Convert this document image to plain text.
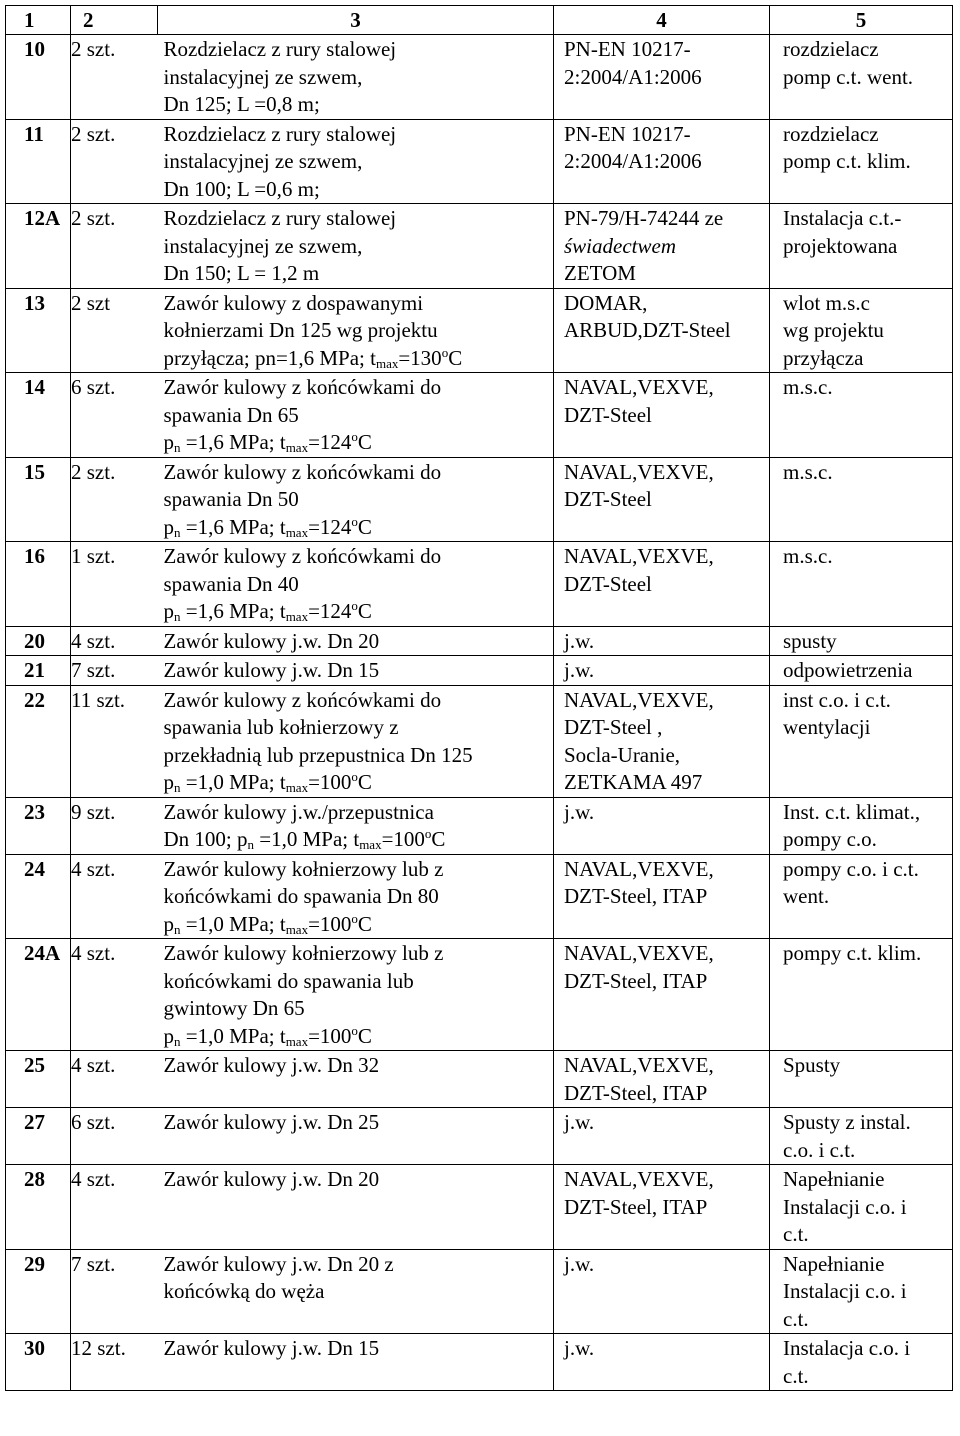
1	2	3	4	5
10	2 szt.	Rozdzielacz z rury stalowej
instalacyjnej ze szwem,
Dn 125; L =0,8 m;	PN-EN 10217-
2:2004/A1:2006	rozdzielacz
pomp c.t. went.

11	2 szt.	Rozdzielacz z rury stalowej
instalacyjnej ze szwem,
Dn 100; L =0,6 m;	PN-EN 10217-
2:2004/A1:2006	rozdzielacz
pomp c.t. klim.

12A	2 szt.	Rozdzielacz z rury stalowej
instalacyjnej ze szwem,
Dn 150; L = 1,2 m	PN-79/H-74244 ze
świadectwem
ZETOM	Instalacja c.t.-
projektowana

13	2 szt	Zawór kulowy z dospawanymi
kołnierzami Dn 125 wg projektu
przyłącza; pn=1,6 MPa; $t_{max}=130^oC$	DOMAR,
ARBUD,DZT-Steel	wlot m.s.c
wg projektu
przyłącza

14	6 szt.	Zawór kulowy z końcówkami do
spawania Dn 65
$p_n =1,6$ MPa; $t_{max}=124^oC$	NAVAL,VEXVE,
DZT-Steel	m.s.c.

15	2 szt.	Zawór kulowy z końcówkami do
spawania Dn 50
$p_n =1,6$ MPa; $t_{max}=124^oC$	NAVAL,VEXVE,
DZT-Steel	m.s.c.

16	1 szt.	Zawór kulowy z końcówkami do
spawania Dn 40
$p_n =1,6$ MPa; $t_{max}=124^oC$	NAVAL,VEXVE,
DZT-Steel	m.s.c.

20	4 szt.	Zawór kulowy j.w. Dn 20	j.w.	spusty

21	7 szt.	Zawór kulowy j.w. Dn 15	j.w.	odpowietrzenia

22	11 szt.	Zawór kulowy z końcówkami do
spawania lub kołnierzowy z
przekładnią lub przepustnica Dn 125
$p_n =1,0$ MPa; $t_{max}=100^oC$	NAVAL,VEXVE,
DZT-Steel ,
Socla-Uranie,
ZETKAMA 497	inst c.o. i c.t.
wentylacji

23	9 szt.	Zawór kulowy j.w./przepustnica
Dn 100; $p_n =1,0$ MPa; $t_{max}=100^oC$	j.w.	Inst. c.t. klimat.,
pompy c.o.

24	4 szt.	Zawór kulowy kołnierzowy lub z
końcówkami do spawania Dn 80
$p_n =1,0$ MPa; $t_{max}=100^oC$	NAVAL,VEXVE,
DZT-Steel, ITAP	pompy c.o. i c.t.
went.

24A	4 szt.	Zawór kulowy kołnierzowy lub z
końcówkami do spawania lub
gwintowy Dn 65
$p_n =1,0$ MPa; $t_{max}=100^oC$	NAVAL,VEXVE,
DZT-Steel, ITAP	pompy c.t. klim.

25	4 szt.	Zawór kulowy j.w. Dn 32	NAVAL,VEXVE,
DZT-Steel, ITAP	Spusty

27	6 szt.	Zawór kulowy j.w. Dn 25	j.w.	Spusty z instal.
c.o. i c.t.

28	4 szt.	Zawór kulowy j.w. Dn 20	NAVAL,VEXVE,
DZT-Steel, ITAP	Napełnianie
Instalacji c.o. i
c.t.

29	7 szt.	Zawór kulowy j.w. Dn 20 z
końcówką do węża	j.w.	Napełnianie
Instalacji c.o. i
c.t.

30	12 szt.	Zawór kulowy j.w. Dn 15	j.w.	Instalacja c.o. i
c.t.
